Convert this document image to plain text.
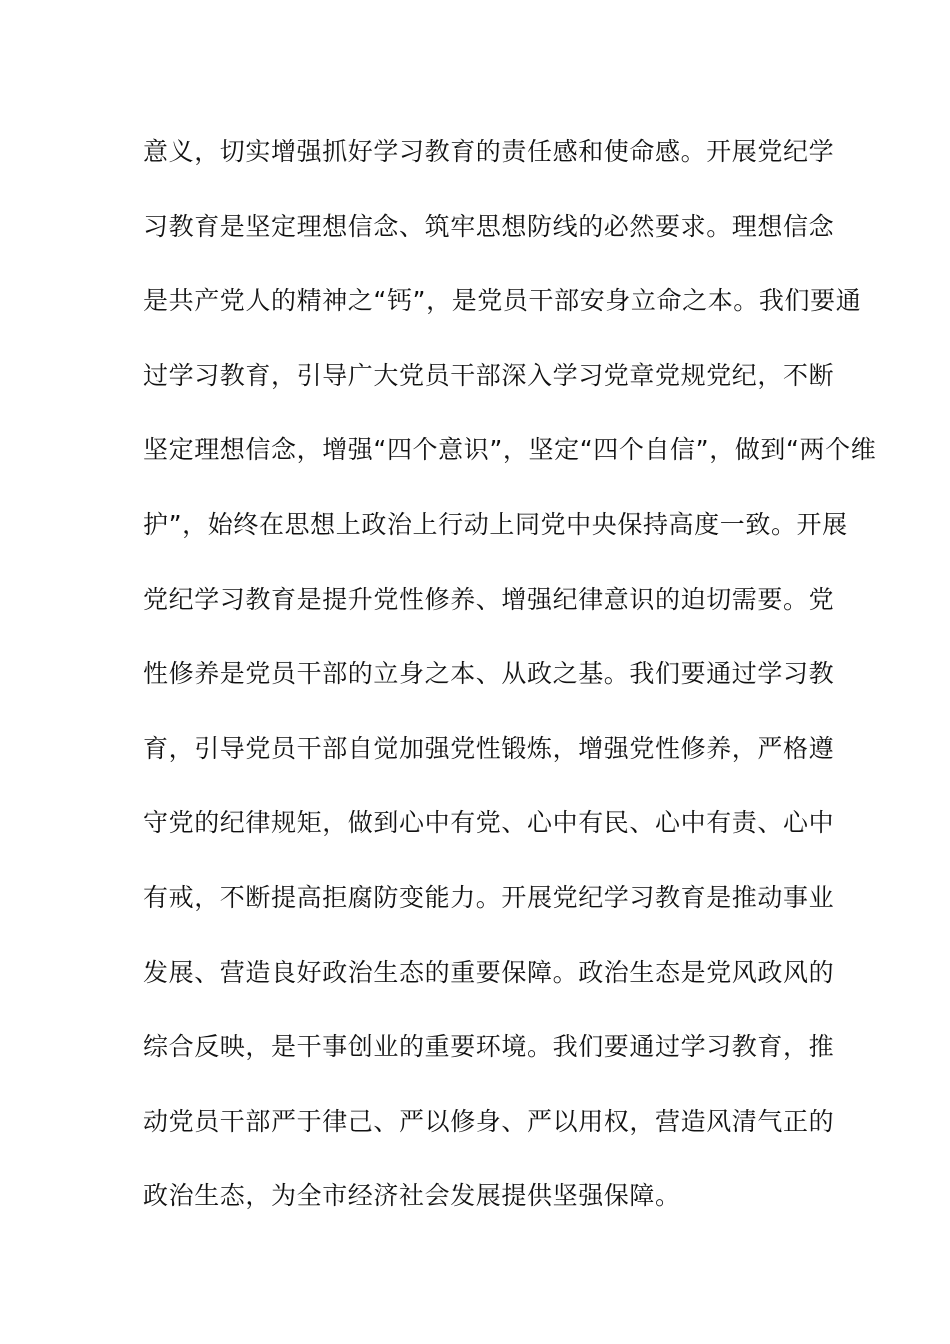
意义，切实增强抓好学习教育的责任感和使命感。开展党纪学
习教育是坚定理想信念、筑牢思想防线的必然要求。理想信念
是共产党人的精神之“钙”，是党员干部安身立命之本。我们要通
过学习教育，引导广大党员干部深入学习党章党规党纪，不断
坚定理想信念，增强“四个意识”，坚定“四个自信”，做到“两个维
护”，始终在思想上政治上行动上同党中央保持高度一致。开展
党纪学习教育是提升党性修养、增强纪律意识的迫切需要。党
性修养是党员干部的立身之本、从政之基。我们要通过学习教
育，引导党员干部自觉加强党性锻炼，增强党性修养，严格遵
守党的纪律规矩，做到心中有党、心中有民、心中有责、心中
有戒，不断提高拒腐防变能力。开展党纪学习教育是推动事业
发展、营造良好政治生态的重要保障。政治生态是党风政风的
综合反映，是干事创业的重要环境。我们要通过学习教育，推
动党员干部严于律己、严以修身、严以用权，营造风清气正的
政治生态，为全市经济社会发展提供坚强保障。
